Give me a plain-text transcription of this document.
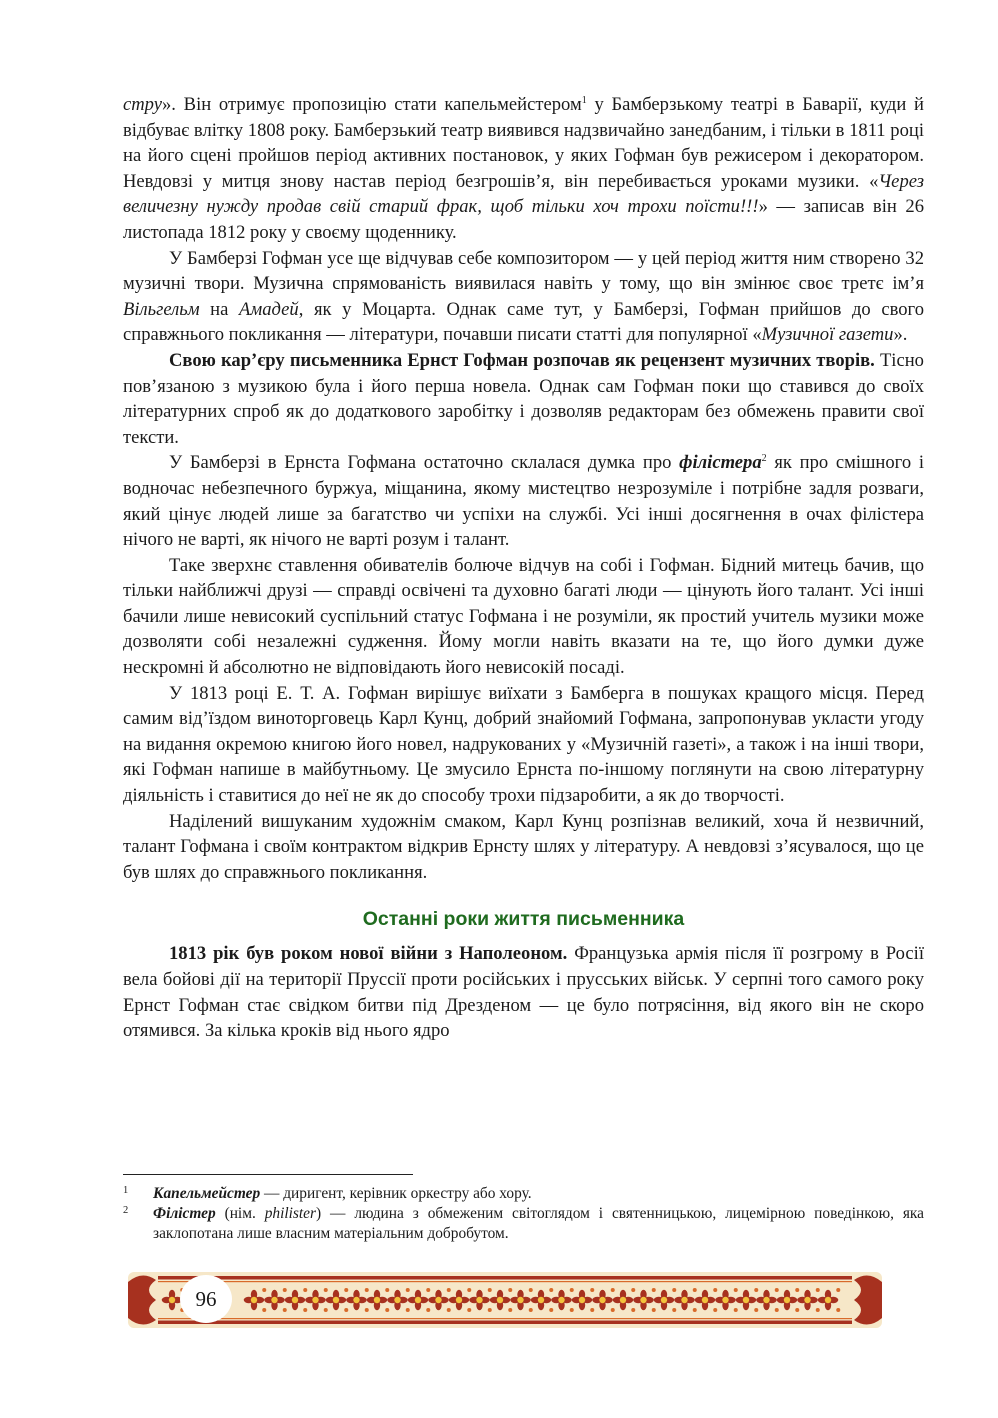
стру». Він отримує пропозицію стати капельмейстером$^1$ у Бамберзькому театрі в Баварії, куди й відбуває влітку 1808 року. Бамберзький театр виявився надзвичайно занедбаним, і тільки в 1811 році на його сцені пройшов період активних постановок, у яких Гофман був режисером і декоратором. Невдовзі у митця знову настав період безгрошів’я, він перебивається уроками музики. «Через величезну нужду продав свій старий фрак, щоб тільки хоч трохи поїсти!!!» — записав він 26 листопада 1812 року у своєму щоденнику.

У Бамберзі Гофман усе ще відчував себе композитором — у цей період життя ним створено 32 музичні твори. Музична спрямованість виявилася навіть у тому, що він змінює своє третє ім’я Вільгельм на Амадей, як у Моцарта. Однак саме тут, у Бамберзі, Гофман прийшов до свого справжнього покликання — літератури, почавши писати статті для популярної «Музичної газети».

Свою кар’єру письменника Ернст Гофман розпочав як рецензент музичних творів. Тісно пов’язаною з музикою була і його перша новела. Однак сам Гофман поки що ставився до своїх літературних спроб як до додаткового заробітку і дозволяв редакторам без обмежень правити свої тексти.

У Бамберзі в Ернста Гофмана остаточно склалася думка про філістера$^2$ як про смішного і водночас небезпечного буржуа, міщанина, якому мистецтво незрозуміле і потрібне задля розваги, який цінує людей лише за багатство чи успіхи на службі. Усі інші досягнення в очах філістера нічого не варті, як нічого не варті розум і талант.

Таке зверхнє ставлення обивателів болюче відчув на собі і Гофман. Бідний митець бачив, що тільки найближчі друзі — справді освічені та духовно багаті люди — цінують його талант. Усі інші бачили лише невисокий суспільний статус Гофмана і не розуміли, як простий учитель музики може дозволяти собі незалежні судження. Йому могли навіть вказати на те, що його думки дуже нескромні й абсолютно не відповідають його невисокій посаді.

У 1813 році Е. Т. А. Гофман вирішує виїхати з Бамберга в пошуках кращого місця. Перед самим від’їздом виноторговець Карл Кунц, добрий знайомий Гофмана, запропонував укласти угоду на видання окремою книгою його новел, надрукованих у «Музичній газеті», а також і на інші твори, які Гофман напише в майбутньому. Це змусило Ернста по-іншому поглянути на свою літературну діяльність і ставитися до неї не як до способу трохи підзаробити, а як до творчості.

Наділений вишуканим художнім смаком, Карл Кунц розпізнав великий, хоча й незвичний, талант Гофмана і своїм контрактом відкрив Ернсту шлях у літературу. А невдовзі з’ясувалося, що це був шлях до справжнього покликання.

Останні роки життя письменника

1813 рік був роком нової війни з Наполеоном. Французька армія після її розгрому в Росії вела бойові дії на території Пруссії проти російських і прусських військ. У серпні того самого року Ернст Гофман стає свідком битви під Дрезденом — це було потрясіння, від якого він не скоро отямився. За кілька кроків від нього ядро

1 Капельмейстер — диригент, керівник оркестру або хору.

2 Філістер (нім. philister) — людина з обмеженим світоглядом і святенницькою, лицемірною поведінкою, яка заклопотана лише власним матеріальним добробутом.

96
